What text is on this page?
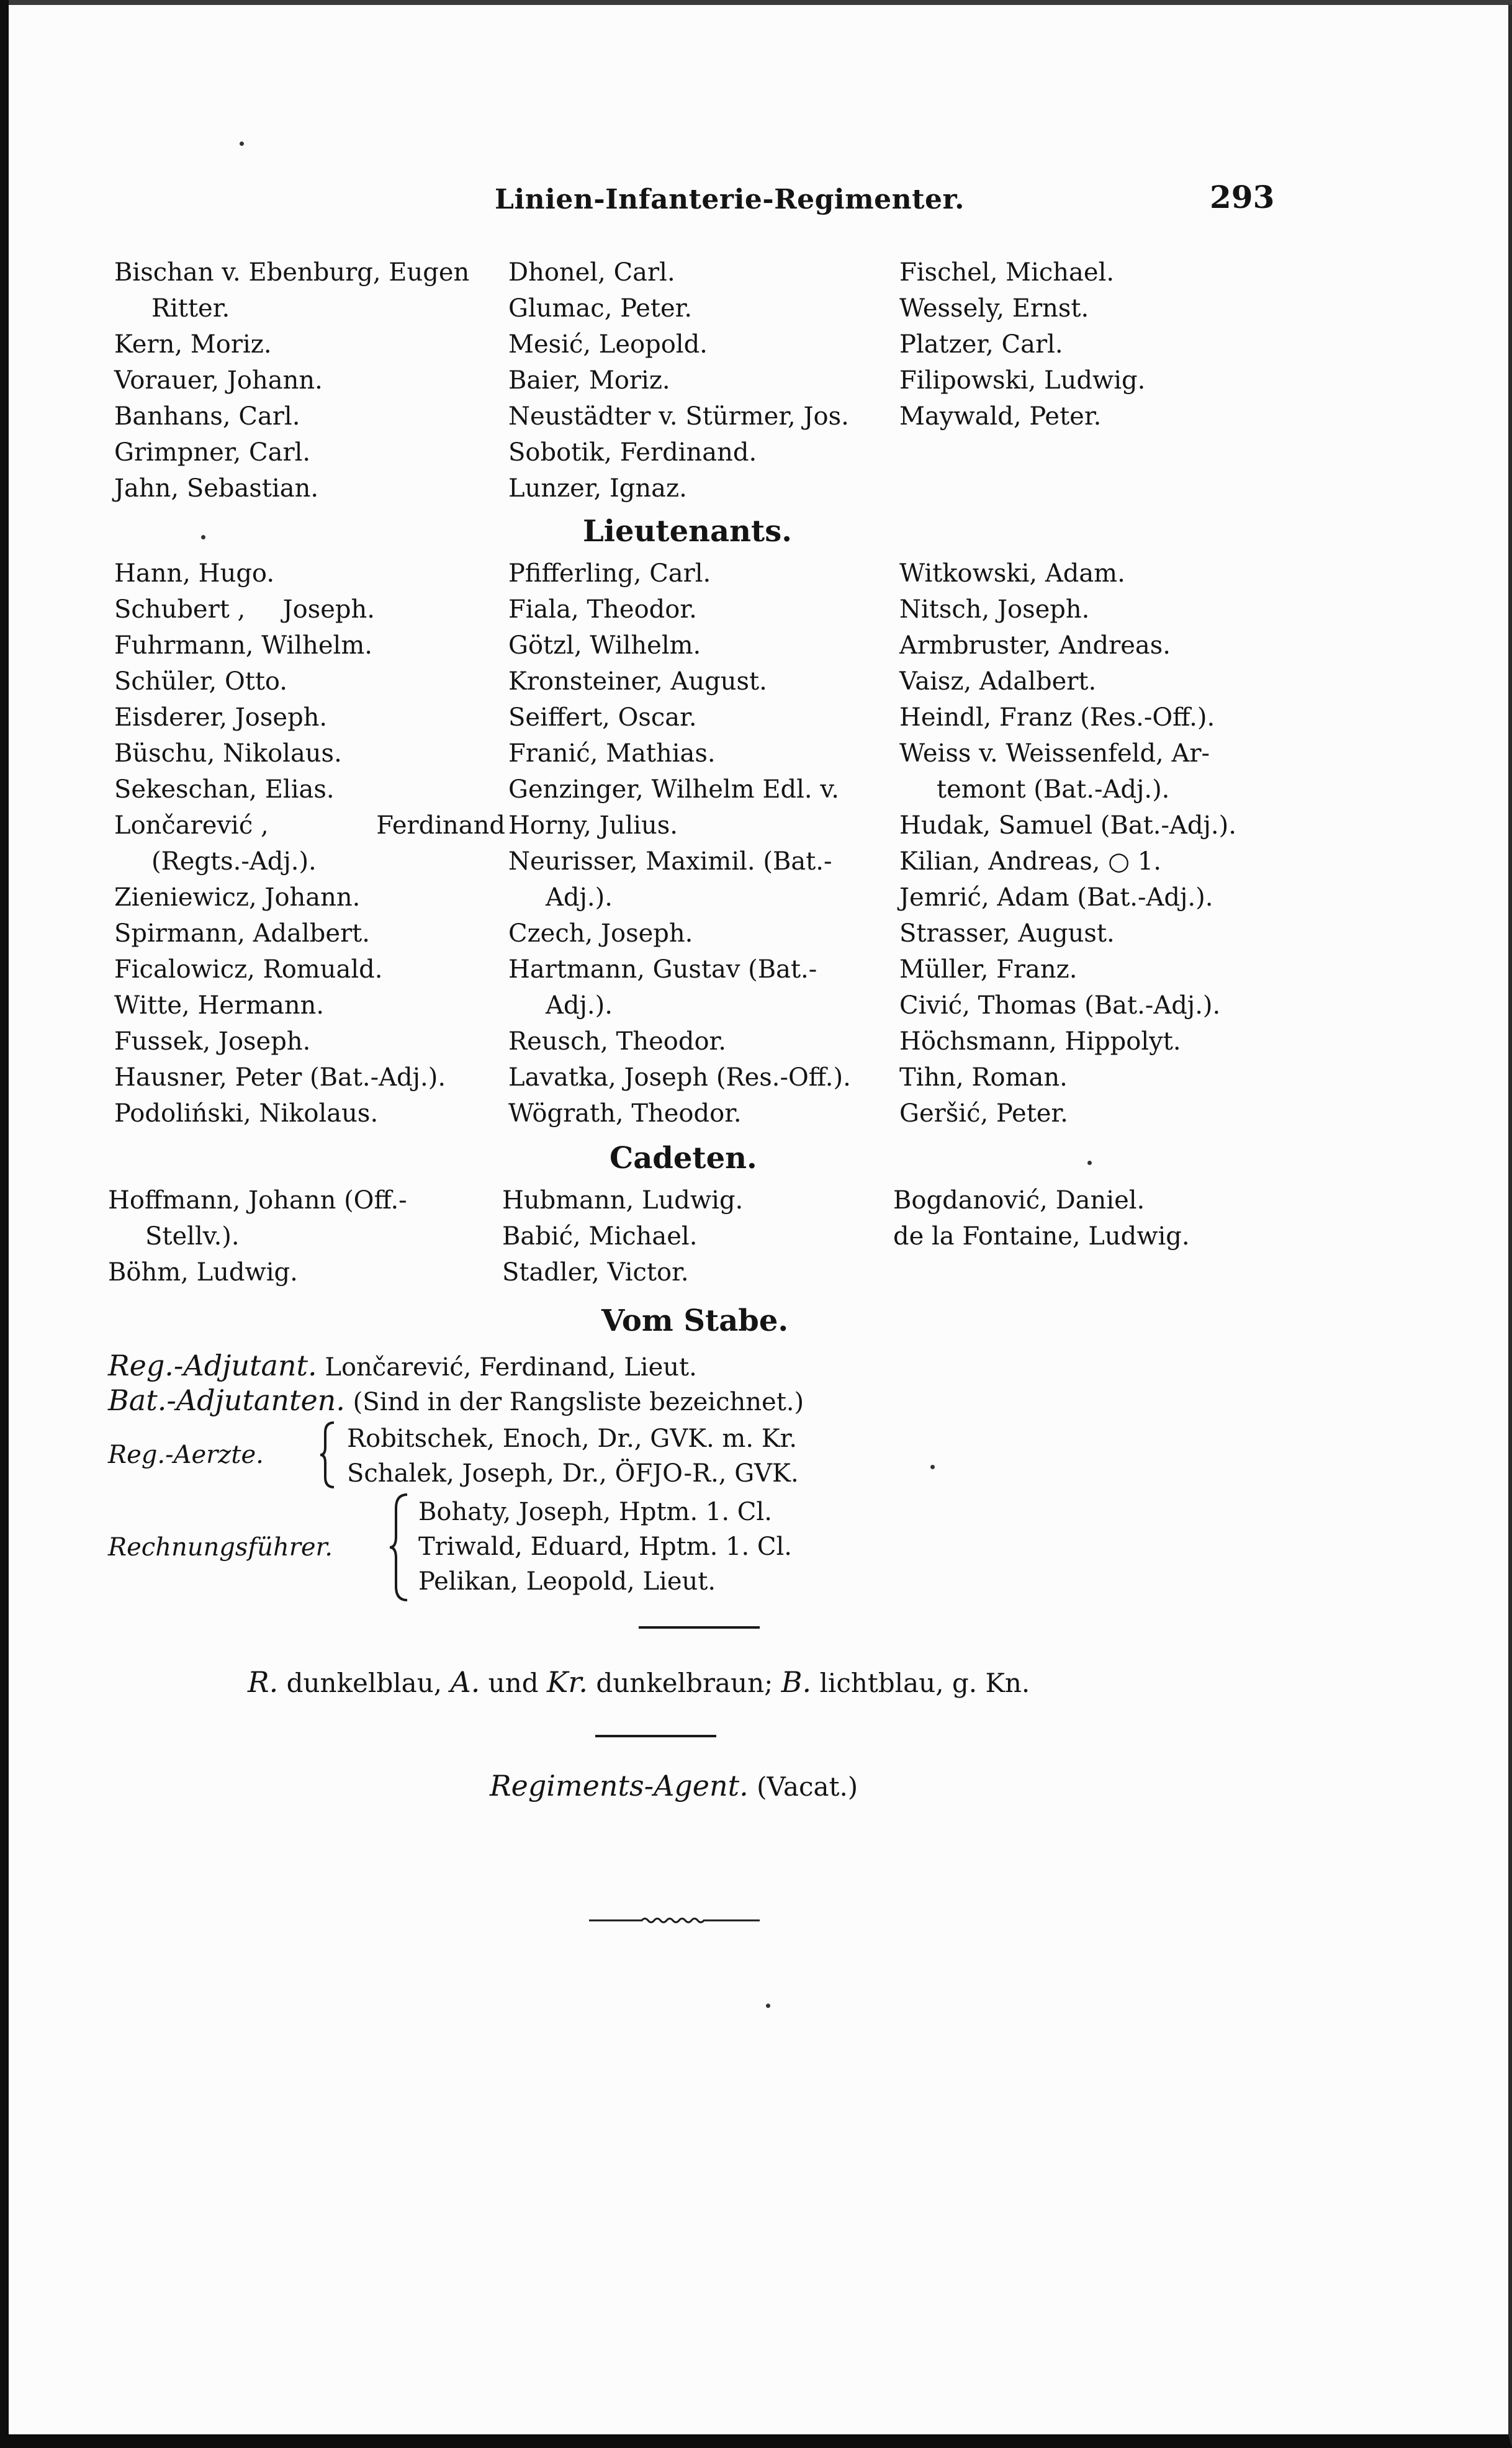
Linien-Infanterie-Regimenter.	293
Bischan v. Ebenburg, Eugen
Ritter.
Kern, Moriz.
Vorauer, Johann.
Banhans, Carl.
Grimpner, Carl.
Jahn, Sebastian.
Dhonel, Carl.
Glumac, Peter.
Mesić, Leopold.
Baier, Moriz.
Neustädter v. Stürmer, Jos.
Sobotik, Ferdinand.
Lunzer, Ignaz.
Fischel, Michael.
Wessely, Ernst.
Platzer, Carl.
Filipowski, Ludwig.
Maywald, Peter.
Lieutenants.
Hann, Hugo.
Schubert , Joseph.
Fuhrmann, Wilhelm.
Schüler, Otto.
Eisderer, Joseph.
Büschu, Nikolaus.
Sekeschan, Elias.
Lončarević ,	Ferdinand
(Regts.-Adj.).
Zieniewicz, Johann.
Spirmann, Adalbert.
Ficalowicz, Romuald.
Witte, Hermann.
Fussek, Joseph.
Hausner, Peter (Bat.-Adj.).
Podoliński, Nikolaus.
Pfifferling, Carl.
Fiala, Theodor.
Götzl, Wilhelm.
Kronsteiner, August.
Seiffert, Oscar.
Franić, Mathias.
Genzinger, Wilhelm Edl. v.
Horny, Julius.
Neurisser, Maximil. (Bat.-
Adj.).
Czech, Joseph.
Hartmann, Gustav (Bat.-
Adj.).
Reusch, Theodor.
Lavatka, Joseph (Res.-Off.).
Wögrath, Theodor.
Witkowski, Adam.
Nitsch, Joseph.
Armbruster, Andreas.
Vaisz, Adalbert.
Heindl, Franz (Res.-Off.).
Weiss v. Weissenfeld, Ar-
temont (Bat.-Adj.).
Hudak, Samuel (Bat.-Adj.).
Kilian, Andreas, ○ 1.
Jemrić, Adam (Bat.-Adj.).
Strasser, August.
Müller, Franz.
Civić, Thomas (Bat.-Adj.).
Höchsmann, Hippolyt.
Tihn, Roman.
Geršić, Peter.
Cadeten.
Hoffmann, Johann (Off.-
Stellv.).
Böhm, Ludwig.
Hubmann, Ludwig.
Babić, Michael.
Stadler, Victor.
Bogdanović, Daniel.
de la Fontaine, Ludwig.
Vom Stabe.
Reg.-Adjutant. Lončarević, Ferdinand, Lieut.
Bat.-Adjutanten. (Sind in der Rangsliste bezeichnet.)
Reg.-Aerzte.
Robitschek, Enoch, Dr., GVK. m. Kr.
Schalek, Joseph, Dr., ÖFJO-R., GVK.
Rechnungsführer.
Bohaty, Joseph, Hptm. 1. Cl.
Triwald, Eduard, Hptm. 1. Cl.
Pelikan, Leopold, Lieut.
R. dunkelblau, A. und Kr. dunkelbraun; B. lichtblau, g. Kn.
Regiments-Agent. (Vacat.)
